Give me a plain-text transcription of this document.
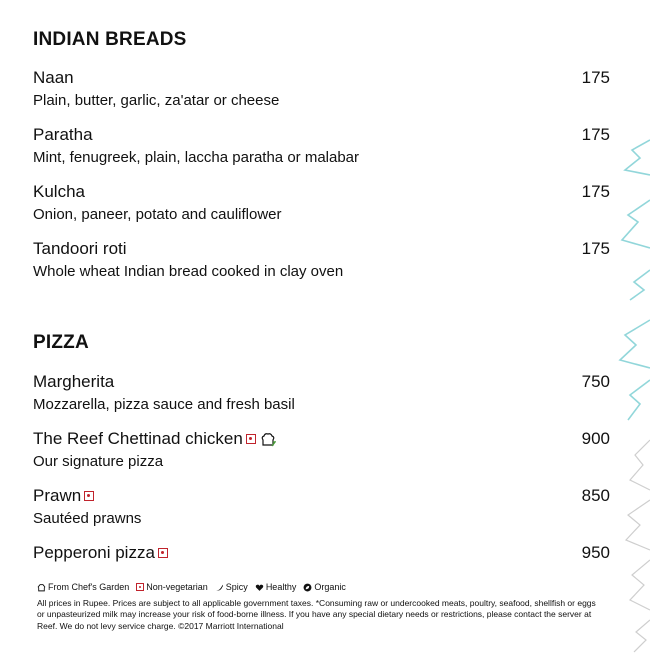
INDIAN BREADS
Naan
Plain, butter, garlic, za'atar or cheese
175
Paratha
Mint, fenugreek, plain, laccha paratha or malabar
175
Kulcha
Onion, paneer, potato and cauliflower
175
Tandoori roti
Whole wheat Indian bread cooked in clay oven
175
PIZZA
Margherita
Mozzarella, pizza sauce and fresh basil
750
The Reef Chettinad chicken
Our signature pizza
900
Prawn
Sautéed prawns
850
Pepperoni pizza	950
From Chef's Garden Non-vegetarian Spicy Healthy Organic
All prices in Rupee. Prices are subject to all applicable government taxes. *Consuming raw or undercooked meats, poultry, seafood, shellfish or eggs or unpasteurized milk may increase your risk of food-borne illness. If you have any special dietary needs or restrictions, please contact the server at Reef. We do not levy service charge. ©2017 Marriott International
